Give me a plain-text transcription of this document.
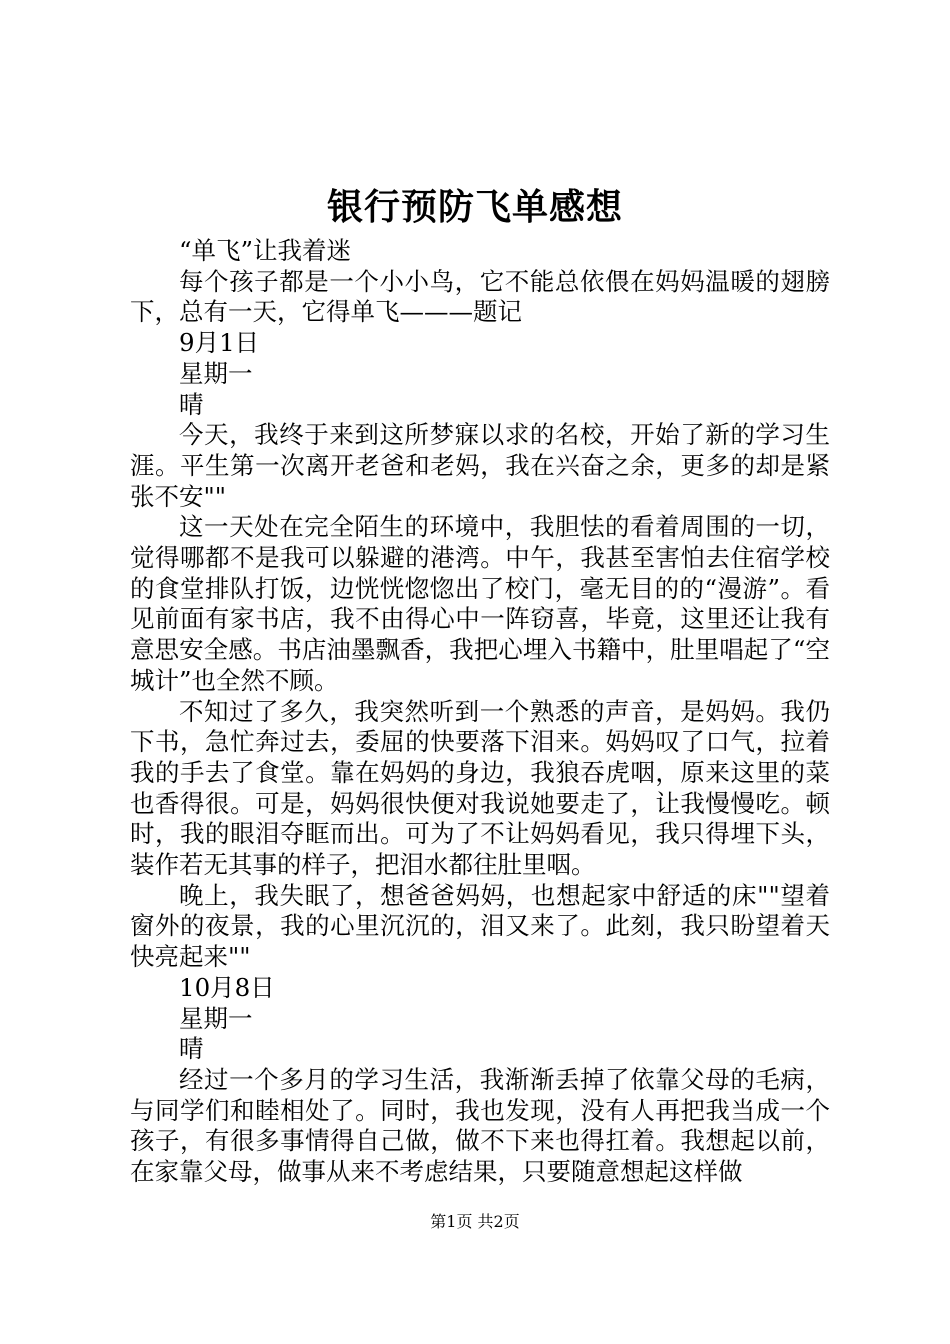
银行预防飞单感想

“单飞”让我着迷

每个孩子都是一个小小鸟，它不能总依偎在妈妈温暖的翅膀下，总有一天，它得单飞———题记

9月1日

星期一

晴

今天，我终于来到这所梦寐以求的名校，开始了新的学习生涯。平生第一次离开老爸和老妈，我在兴奋之余，更多的却是紧张不安""

这一天处在完全陌生的环境中，我胆怯的看着周围的一切，觉得哪都不是我可以躲避的港湾。中午，我甚至害怕去住宿学校的食堂排队打饭，边恍恍惚惚出了校门，毫无目的的“漫游”。看见前面有家书店，我不由得心中一阵窃喜，毕竟，这里还让我有意思安全感。书店油墨飘香，我把心埋入书籍中，肚里唱起了“空城计”也全然不顾。

不知过了多久，我突然听到一个熟悉的声音，是妈妈。我仍下书，急忙奔过去，委屈的快要落下泪来。妈妈叹了口气，拉着我的手去了食堂。靠在妈妈的身边，我狼吞虎咽，原来这里的菜也香得很。可是，妈妈很快便对我说她要走了，让我慢慢吃。顿时，我的眼泪夺眶而出。可为了不让妈妈看见，我只得埋下头，装作若无其事的样子，把泪水都往肚里咽。

晚上，我失眠了，想爸爸妈妈，也想起家中舒适的床""望着窗外的夜景，我的心里沉沉的，泪又来了。此刻，我只盼望着天快亮起来""

10月8日

星期一

晴

经过一个多月的学习生活，我渐渐丢掉了依靠父母的毛病，与同学们和睦相处了。同时，我也发现，没有人再把我当成一个孩子，有很多事情得自己做，做不下来也得扛着。我想起以前，在家靠父母，做事从来不考虑结果，只要随意想起这样做

第1页 共2页
